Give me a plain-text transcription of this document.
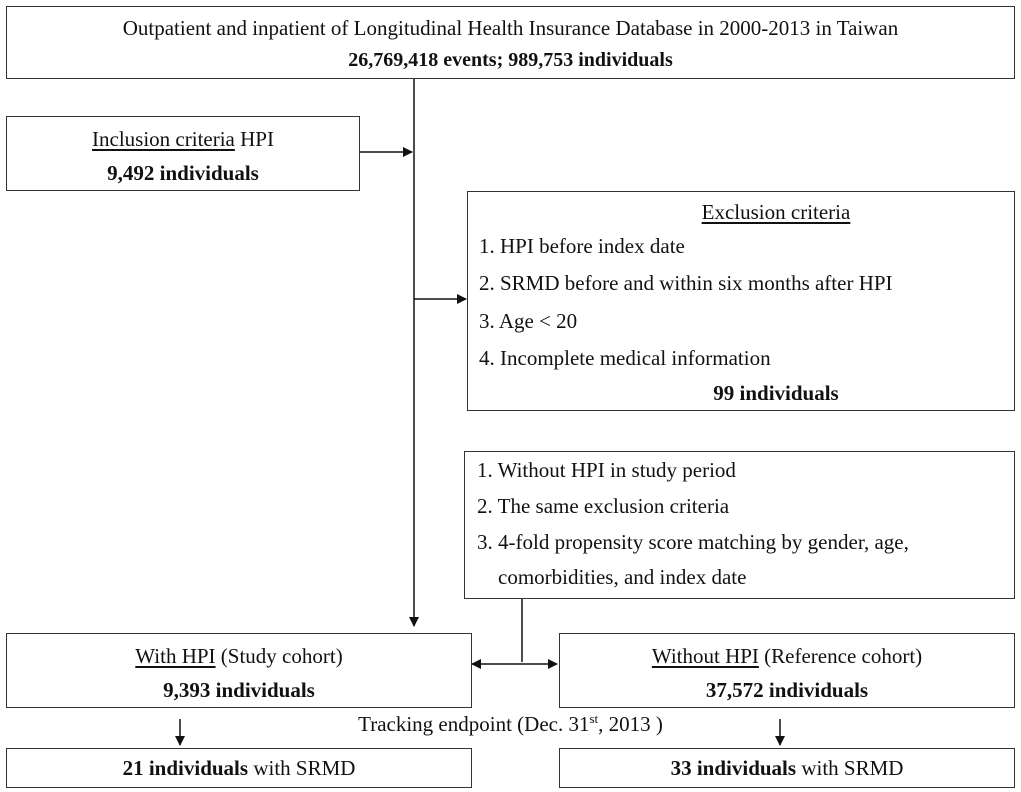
Outpatient and inpatient of Longitudinal Health Insurance Database in 2000-2013 in Taiwan
26,769,418 events; 989,753 individuals
Inclusion criteria HPI
9,492 individuals
Exclusion criteria
1. HPI before index date
2. SRMD before and within six months after HPI
3. Age < 20
4. Incomplete medical information
99 individuals
1. Without HPI in study period
2. The same exclusion criteria
3. 4-fold propensity score matching by gender, age,
comorbidities, and index date
With HPI (Study cohort)
9,393 individuals
Without HPI (Reference cohort)
37,572 individuals
Tracking endpoint (Dec. 31st, 2013 )
21 individuals with SRMD	33 individuals with SRMD
